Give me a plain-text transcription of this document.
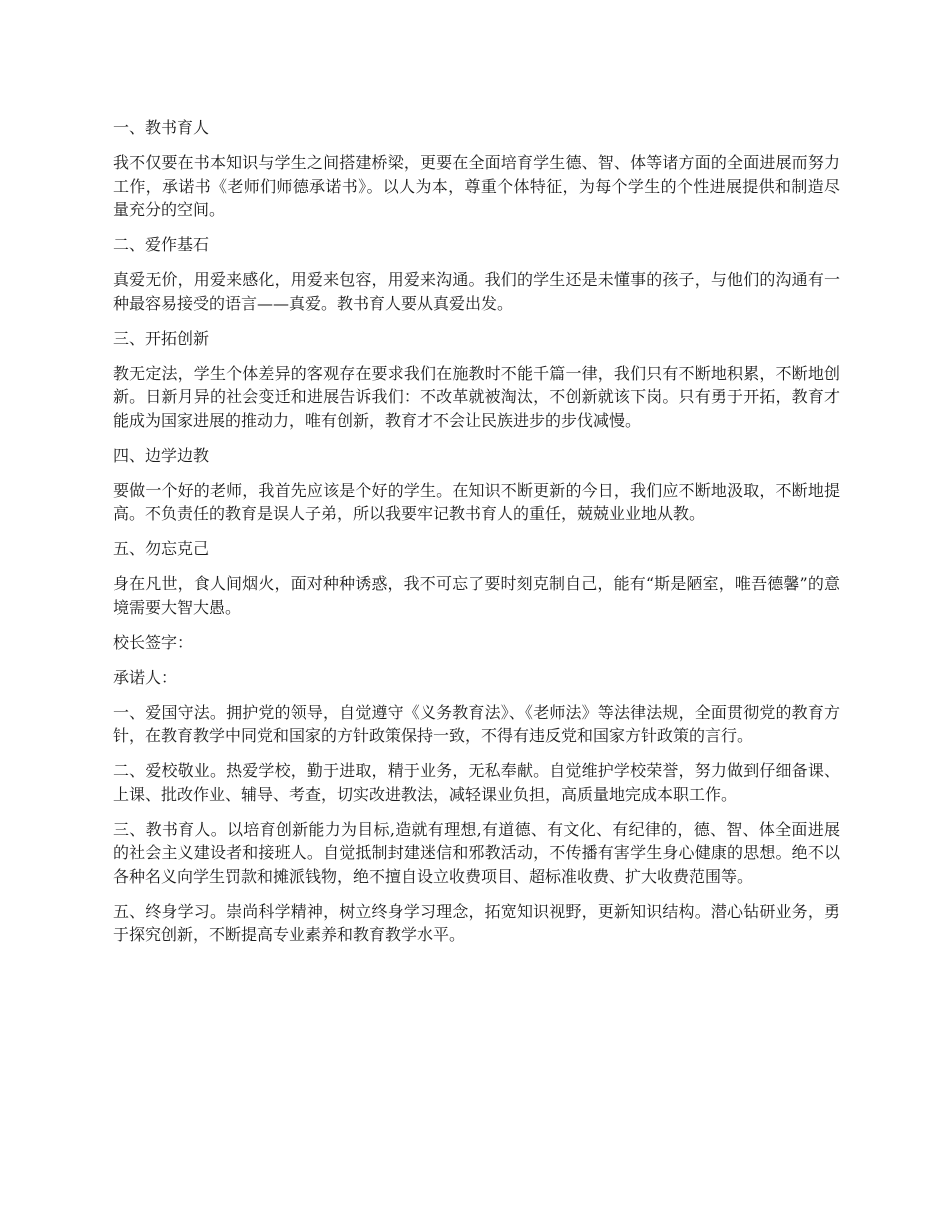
一、教书育人

我不仅要在书本知识与学生之间搭建桥梁，更要在全面培育学生德、智、体等诸方面的全面进展而努力工作，承诺书《老师们师德承诺书》。以人为本，尊重个体特征，为每个学生的个性进展提供和制造尽量充分的空间。

二、爱作基石

真爱无价，用爱来感化，用爱来包容，用爱来沟通。我们的学生还是未懂事的孩子，与他们的沟通有一种最容易接受的语言——真爱。教书育人要从真爱出发。

三、开拓创新

教无定法，学生个体差异的客观存在要求我们在施教时不能千篇一律，我们只有不断地积累，不断地创新。日新月异的社会变迁和进展告诉我们：不改革就被淘汰，不创新就该下岗。只有勇于开拓，教育才能成为国家进展的推动力，唯有创新，教育才不会让民族进步的步伐减慢。

四、边学边教

要做一个好的老师，我首先应该是个好的学生。在知识不断更新的今日，我们应不断地汲取，不断地提高。不负责任的教育是误人子弟，所以我要牢记教书育人的重任，兢兢业业地从教。

五、勿忘克己

身在凡世，食人间烟火，面对种种诱惑，我不可忘了要时刻克制自己，能有“斯是陋室，唯吾德馨”的意境需要大智大愚。

校长签字：

承诺人：

一、爱国守法。拥护党的领导，自觉遵守《义务教育法》、《老师法》等法律法规，全面贯彻党的教育方针，在教育教学中同党和国家的方针政策保持一致，不得有违反党和国家方针政策的言行。

二、爱校敬业。热爱学校，勤于进取，精于业务，无私奉献。自觉维护学校荣誉，努力做到仔细备课、上课、批改作业、辅导、考查，切实改进教法，减轻课业负担，高质量地完成本职工作。

三、教书育人。以培育创新能力为目标,造就有理想,有道德、有文化、有纪律的，德、智、体全面进展的社会主义建设者和接班人。自觉抵制封建迷信和邪教活动，不传播有害学生身心健康的思想。绝不以各种名义向学生罚款和摊派钱物，绝不擅自设立收费项目、超标准收费、扩大收费范围等。

五、终身学习。崇尚科学精神，树立终身学习理念，拓宽知识视野，更新知识结构。潜心钻研业务，勇于探究创新，不断提高专业素养和教育教学水平。
